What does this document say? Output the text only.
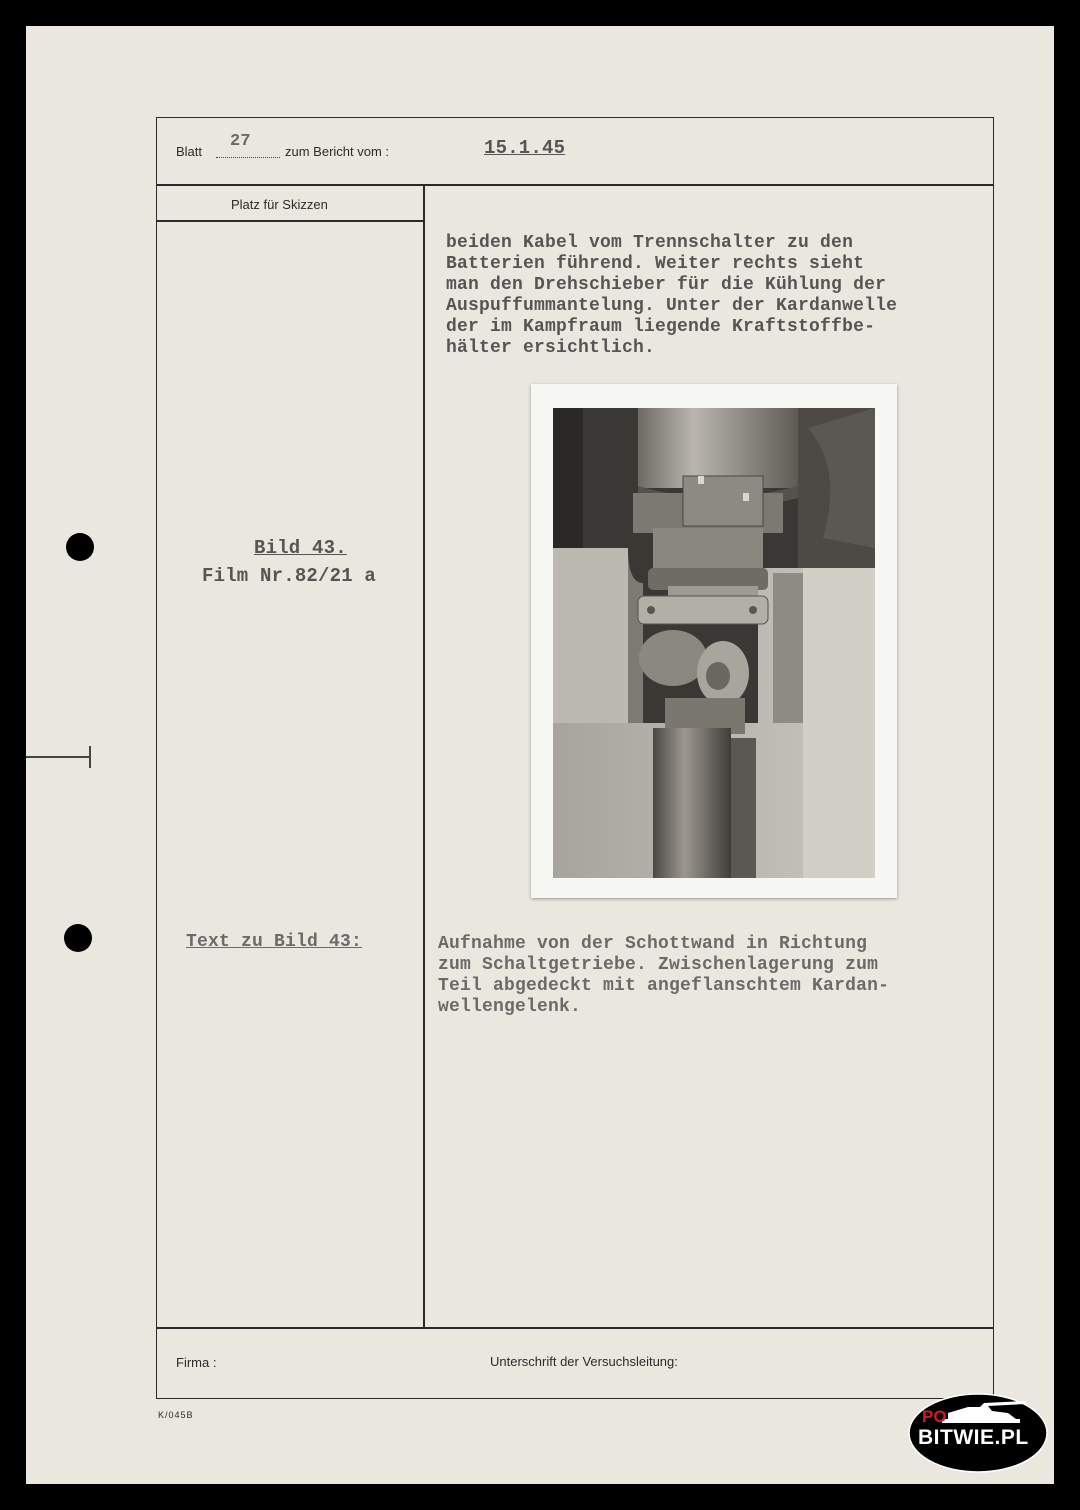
Blatt
27
zum Bericht vom :	15.1.45
Platz für Skizzen
beiden Kabel vom Trennschalter zu den
Batterien führend. Weiter rechts sieht
man den Drehschieber für die Kühlung der
Auspuffummantelung. Unter der Kardanwelle
der im Kampfraum liegende Kraftstoffbe-
hälter ersichtlich.
Bild 43.
Film Nr.82/21 a
Text zu Bild 43:	Aufnahme von der Schottwand in Richtung
zum Schaltgetriebe. Zwischenlagerung zum
Teil abgedeckt mit angeflanschtem Kardan-
wellengelenk.
Firma :	Unterschrift der Versuchsleitung:
K/045B	PO
BITWIE.PL
